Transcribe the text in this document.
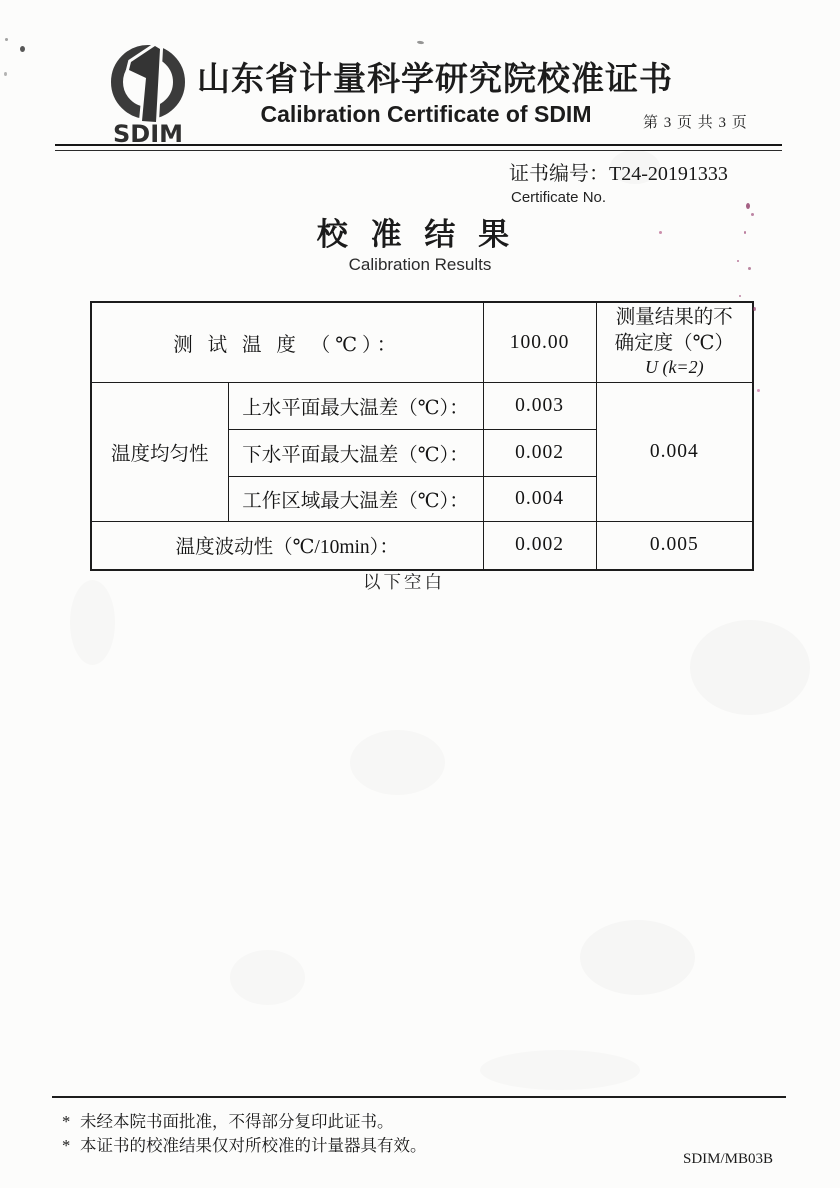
SDIM
山东省计量科学研究院校准证书
Calibration Certificate of SDIM	第 3 页 共 3 页
证书编号：T24-20191333
Certificate No.
校 准 结 果
Calibration Results
测 试 温 度 （℃）：		100.00	测量结果的不
确定度（℃）
U (k=2)

温度均匀性	上水平面最大温差（℃）：	0.003	0.004
	下水平面最大温差（℃）：	0.002	
	工作区域最大温差（℃）：	0.004	
温度波动性（℃/10min）：		0.002	0.005
以下空白
* 未经本院书面批准，不得部分复印此证书。
* 本证书的校准结果仅对所校准的计量器具有效。
SDIM/MB03B
